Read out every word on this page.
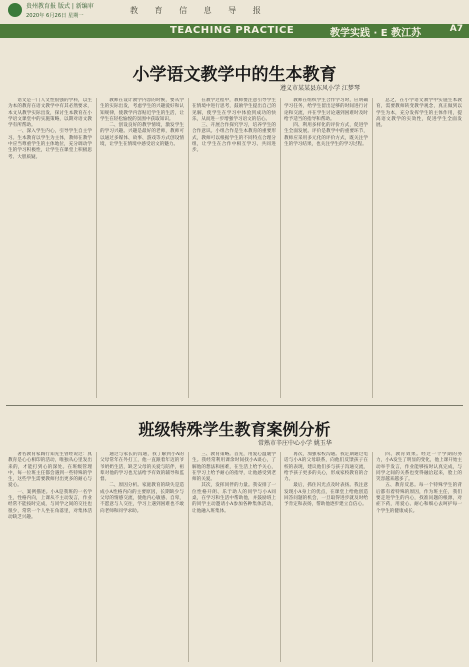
贵州教育报 版式 | 新编审
2020年 6月26日 星期一
教 育 信 息 导 报
TEACHING PRACTICE	教学实践 · E 教江苏	A7
小学语文教学中的生本教育
遵义市某某县东风小学 江梦琴

语文是一门人文性很强的学科，以生为本的教育在语文教学中有其必然要求，本文从教学实际出发，探讨生本教育在小学语文课堂中的实施策略，以期对语文教学有所帮助。

一、深入学生内心，引导学生自主学习。生本教育以学生为主体，教师在教学中应当尊重学生的主体地位，充分调动学生的学习积极性，让学生在课堂上积极思考、大胆质疑。

教师在设计教学内容的时候，要从学生的实际出发，考虑学生的兴趣爱好和认知规律，使教学内容贴近学生的生活，让学生在轻松愉悦的氛围中获取知识。

二、创设良好的教学情境，激发学生的学习兴趣。兴趣是最好的老师，教师可以通过多媒体、故事、游戏等方式创设情境，让学生在情境中感受语文的魅力。

在教学过程中，教师要注意引导学生在情境中进行思考，鼓励学生提出自己的见解，使学生在学习中体验到成功的快乐，从而进一步增强学习语文的信心。

三、开展合作探究学习，培养学生的合作意识。小组合作是生本教育的重要形式，教师可以根据学生的不同特点合理分组，让学生在合作中相互学习、共同进步。

教师在组织学生合作学习时，应明确学习任务，给学生留出足够的时间进行讨论和交流，并在学生讨论遇到困难时及时给予适当的指导和帮助。

四、利用多样化的评价方式，促进学生全面发展。评价是教学中的重要环节，教师应采用多元化的评价方式，既关注学生的学习结果，也关注学生的学习过程。

总之，在小学语文教学中实施生本教育，需要教师转变教学观念，真正做到以学生为本，充分发挥学生的主体作用，提高语文教学的实效性，促进学生全面发展。

班级特殊学生教育案例分析
常熟市辛庄中心小学 姚玉华

著名教育家陶行知先生曾经说过：真教育是心心相印的活动，唯独从心里发出来的，才能打到心的深处。在班级管理中，每一位班主任都会遇到一些特殊的学生，这些学生需要教师付出更多的耐心与爱心。

一、案例描述。小A是我班的一名学生，性格内向，上课从不主动发言，作业经常不能按时完成，与同学之间的交往也很少，常常一个人坐在角落里，对集体活动缺乏兴趣。

通过与家长的沟通，我了解到小A的父母常年在外打工，他一直跟着年迈的爷爷奶奶生活，缺乏父母的关爱与陪伴，祖辈对他的学习也无法给予有效的辅导和监督。

二、原因分析。家庭教育的缺失是造成小A性格内向的主要原因，长期缺少与父母的情感交流，使他内心敏感、自卑，不愿意与人交往，学习上遇到困难也不敢向老师和同学求助。

三、教育策略。首先，用爱心温暖学生。我经常利用课余时间找小A谈心，了解他的想法和困难，在生活上给予关心，在学习上给予耐心的指导，让他感受到老师的关爱。

其次，发挥同伴的力量。我安排了一位性格开朗、乐于助人的同学与小A同桌，在学习和生活中帮助他，并鼓励班上的同学主动邀请小A参加各种集体活动，让他融入班集体。

再次，加强家校沟通。我定期通过电话与小A的父母联系，向他们反馈孩子在校的表现，建议他们多与孩子沟通交流，给予孩子更多的关心，形成家校教育的合力。

最后，抓住闪光点及时表扬。我注意发现小A身上的优点，在课堂上给他创造回答问题的机会，一旦取得进步就及时给予肯定和表扬，帮助他逐步建立自信心。

四、教育效果。经过一个学期的努力，小A发生了明显的变化，他上课开始主动举手发言，作业能够按时认真完成，与同学之间的关系也变得融洽起来，脸上的笑容越来越多了。

五、教育反思。每一个特殊学生的背后都有着特殊的原因，作为班主任，我们要走进学生的内心，找准问题的根源，对症下药，用爱心、耐心和细心去呵护每一个学生的健康成长。
